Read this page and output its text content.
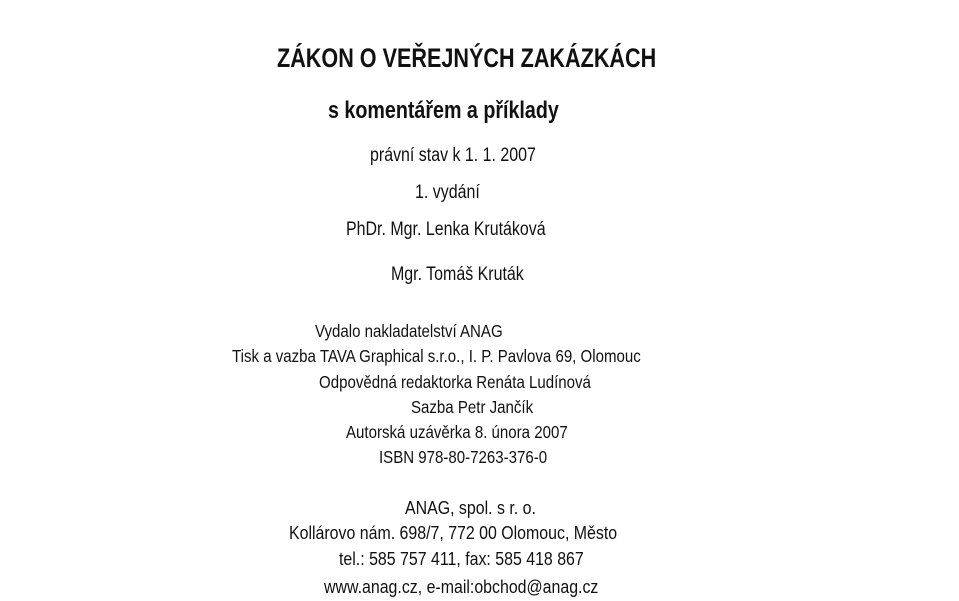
ZÁKON O VEŘEJNÝCH ZAKÁZKÁCH
s komentářem a příklady
právní stav k 1. 1. 2007
1. vydání
PhDr. Mgr. Lenka Krutáková
Mgr. Tomáš Kruták
Vydalo nakladatelství ANAG
Tisk a vazba TAVA Graphical s.r.o., I. P. Pavlova 69, Olomouc
Odpovědná redaktorka Renáta Ludínová
Sazba Petr Jančík
Autorská uzávěrka 8. února 2007
ISBN 978-80-7263-376-0
ANAG, spol. s r. o.
Kollárovo nám. 698/7, 772 00 Olomouc, Město
tel.: 585 757 411, fax: 585 418 867
www.anag.cz, e-mail:obchod@anag.cz
